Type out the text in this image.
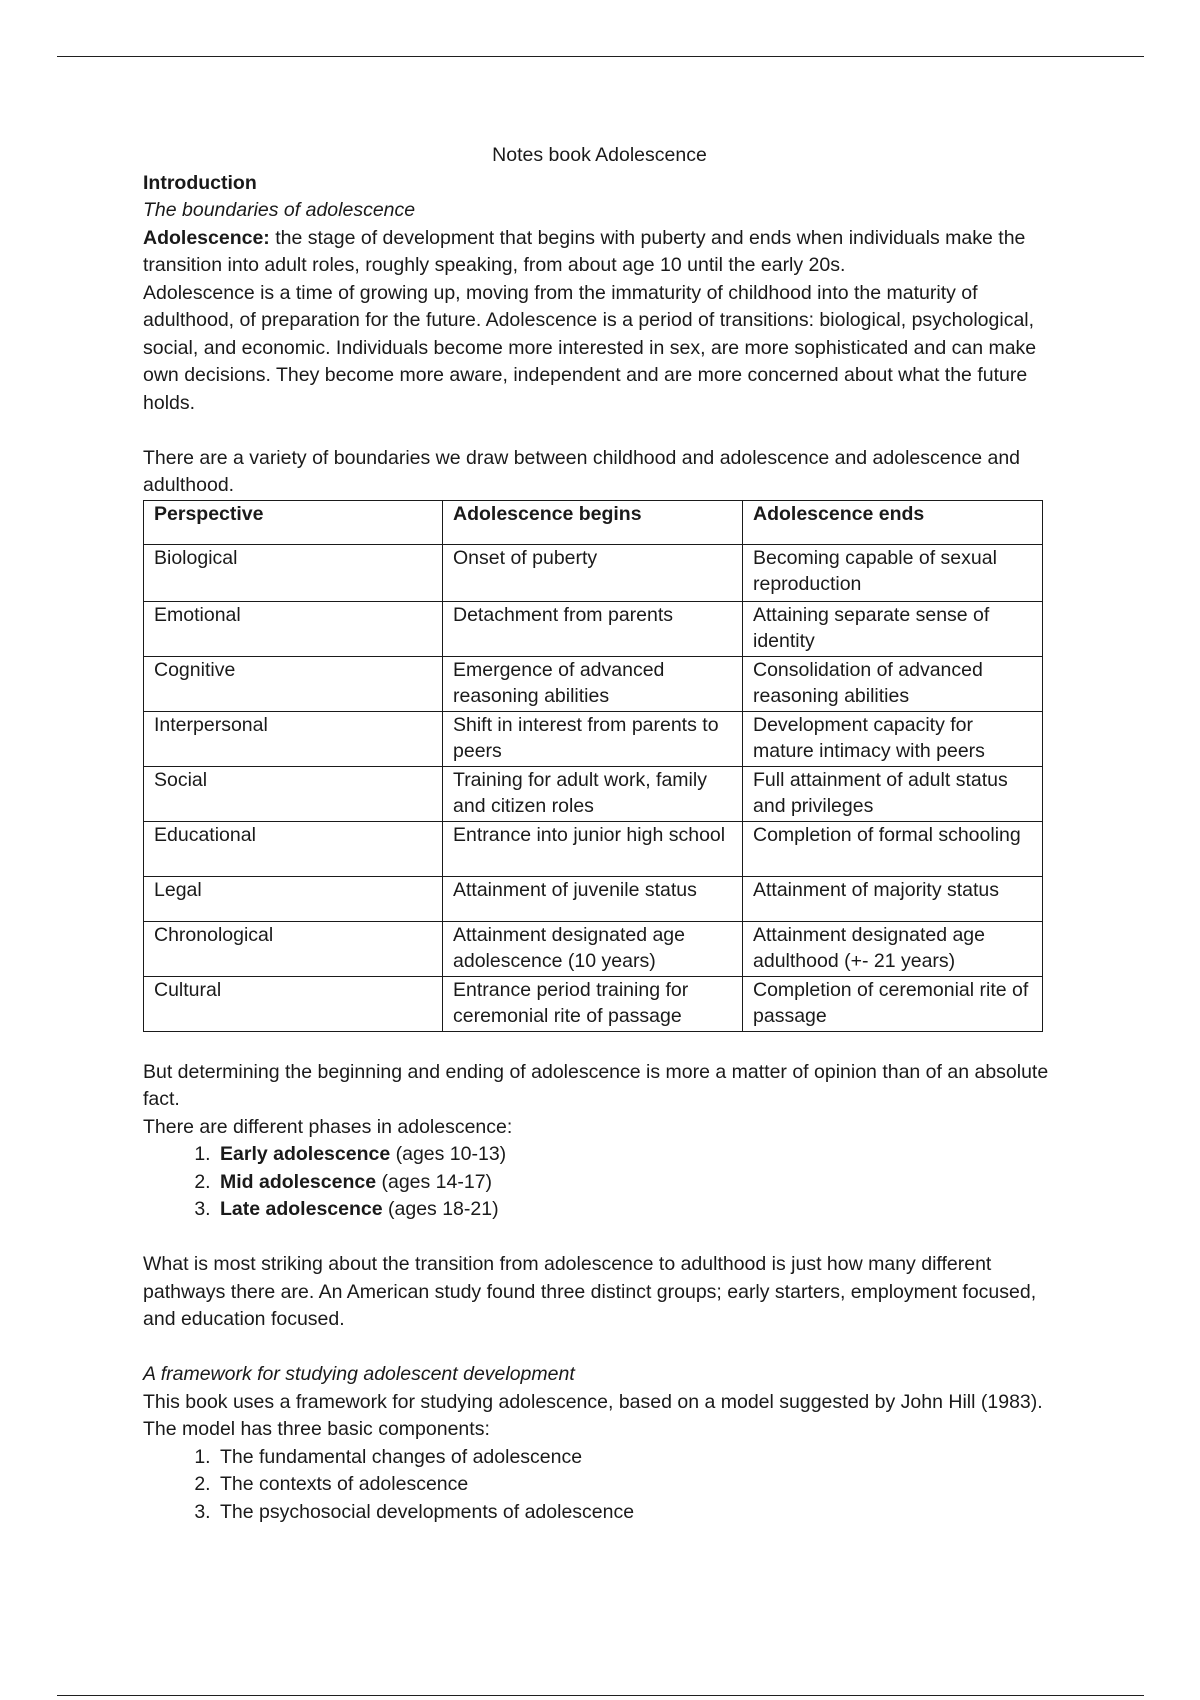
Notes book Adolescence

Introduction

The boundaries of adolescence

Adolescence: the stage of development that begins with puberty and ends when individuals make the transition into adult roles, roughly speaking, from about age 10 until the early 20s.

Adolescence is a time of growing up, moving from the immaturity of childhood into the maturity of adulthood, of preparation for the future. Adolescence is a period of transitions: biological, psychological, social, and economic. Individuals become more interested in sex, are more sophisticated and can make own decisions. They become more aware, independent and are more concerned about what the future holds.

There are a variety of boundaries we draw between childhood and adolescence and adolescence and adulthood.

Perspective	Adolescence begins	Adolescence ends
Biological	Onset of puberty	Becoming capable of sexual reproduction
Emotional	Detachment from parents	Attaining separate sense of identity
Cognitive	Emergence of advanced reasoning abilities	Consolidation of advanced reasoning abilities
Interpersonal	Shift in interest from parents to peers	Development capacity for mature intimacy with peers
Social	Training for adult work, family and citizen roles	Full attainment of adult status and privileges
Educational	Entrance into junior high school	Completion of formal schooling
Legal	Attainment of juvenile status	Attainment of majority status
Chronological	Attainment designated age adolescence (10 years)	Attainment designated age adulthood (+- 21 years)
Cultural	Entrance period training for ceremonial rite of passage	Completion of ceremonial rite of passage

But determining the beginning and ending of adolescence is more a matter of opinion than of an absolute fact.

There are different phases in adolescence:

1. Early adolescence (ages 10-13)
2. Mid adolescence (ages 14-17)
3. Late adolescence (ages 18-21)

What is most striking about the transition from adolescence to adulthood is just how many different pathways there are. An American study found three distinct groups; early starters, employment focused, and education focused.

A framework for studying adolescent development

This book uses a framework for studying adolescence, based on a model suggested by John Hill (1983). The model has three basic components:

1. The fundamental changes of adolescence
2. The contexts of adolescence
3. The psychosocial developments of adolescence
